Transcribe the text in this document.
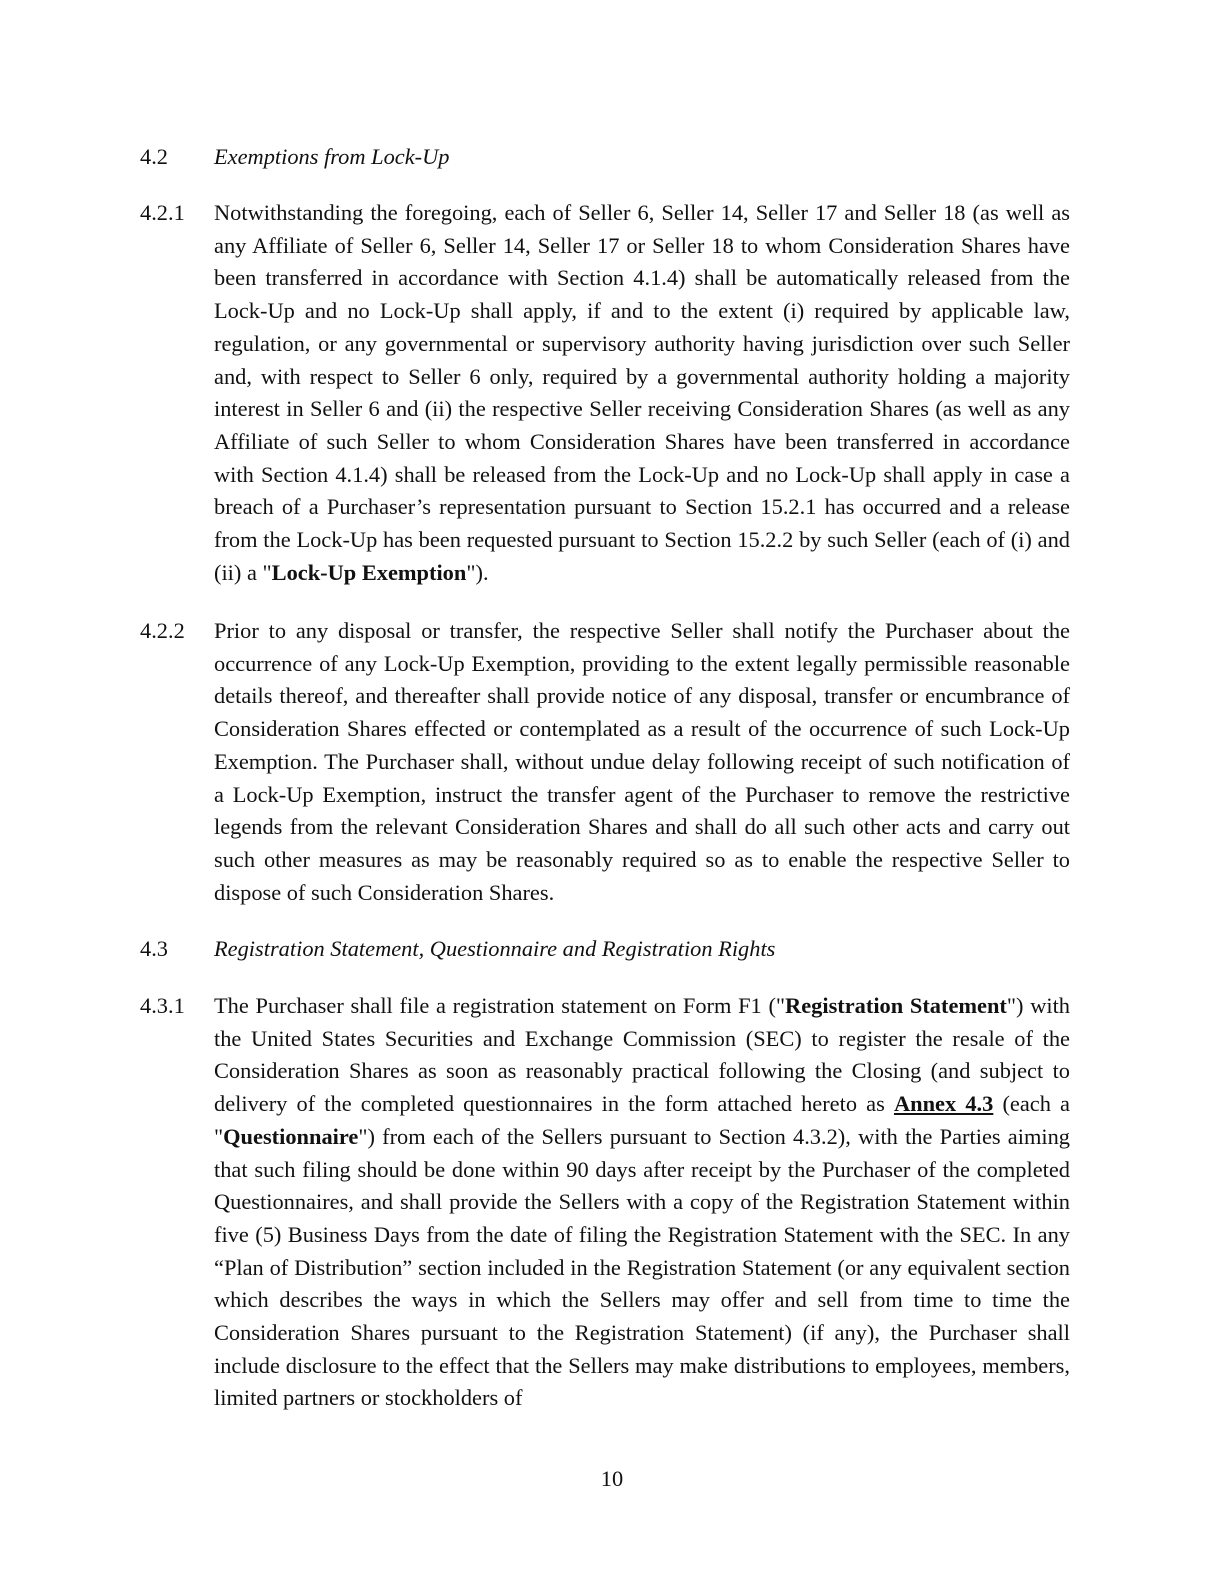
4.2 Exemptions from Lock-Up
4.2.1 Notwithstanding the foregoing, each of Seller 6, Seller 14, Seller 17 and Seller 18 (as well as any Affiliate of Seller 6, Seller 14, Seller 17 or Seller 18 to whom Consideration Shares have been transferred in accordance with Section 4.1.4) shall be automatically released from the Lock-Up and no Lock-Up shall apply, if and to the extent (i) required by applicable law, regulation, or any governmental or supervisory authority having jurisdiction over such Seller and, with respect to Seller 6 only, required by a governmental authority holding a majority interest in Seller 6 and (ii) the respective Seller receiving Consideration Shares (as well as any Affiliate of such Seller to whom Consideration Shares have been transferred in accordance with Section 4.1.4) shall be released from the Lock-Up and no Lock-Up shall apply in case a breach of a Purchaser’s representation pursuant to Section 15.2.1 has occurred and a release from the Lock-Up has been requested pursuant to Section 15.2.2 by such Seller (each of (i) and (ii) a "Lock-Up Exemption").
4.2.2 Prior to any disposal or transfer, the respective Seller shall notify the Purchaser about the occurrence of any Lock-Up Exemption, providing to the extent legally permissible reasonable details thereof, and thereafter shall provide notice of any disposal, transfer or encumbrance of Consideration Shares effected or contemplated as a result of the occurrence of such Lock-Up Exemption. The Purchaser shall, without undue delay following receipt of such notification of a Lock-Up Exemption, instruct the transfer agent of the Purchaser to remove the restrictive legends from the relevant Consideration Shares and shall do all such other acts and carry out such other measures as may be reasonably required so as to enable the respective Seller to dispose of such Consideration Shares.
4.3 Registration Statement, Questionnaire and Registration Rights
4.3.1 The Purchaser shall file a registration statement on Form F1 ("Registration Statement") with the United States Securities and Exchange Commission (SEC) to register the resale of the Consideration Shares as soon as reasonably practical following the Closing (and subject to delivery of the completed questionnaires in the form attached hereto as Annex 4.3 (each a "Questionnaire") from each of the Sellers pursuant to Section 4.3.2), with the Parties aiming that such filing should be done within 90 days after receipt by the Purchaser of the completed Questionnaires, and shall provide the Sellers with a copy of the Registration Statement within five (5) Business Days from the date of filing the Registration Statement with the SEC. In any “Plan of Distribution” section included in the Registration Statement (or any equivalent section which describes the ways in which the Sellers may offer and sell from time to time the Consideration Shares pursuant to the Registration Statement) (if any), the Purchaser shall include disclosure to the effect that the Sellers may make distributions to employees, members, limited partners or stockholders of
10
